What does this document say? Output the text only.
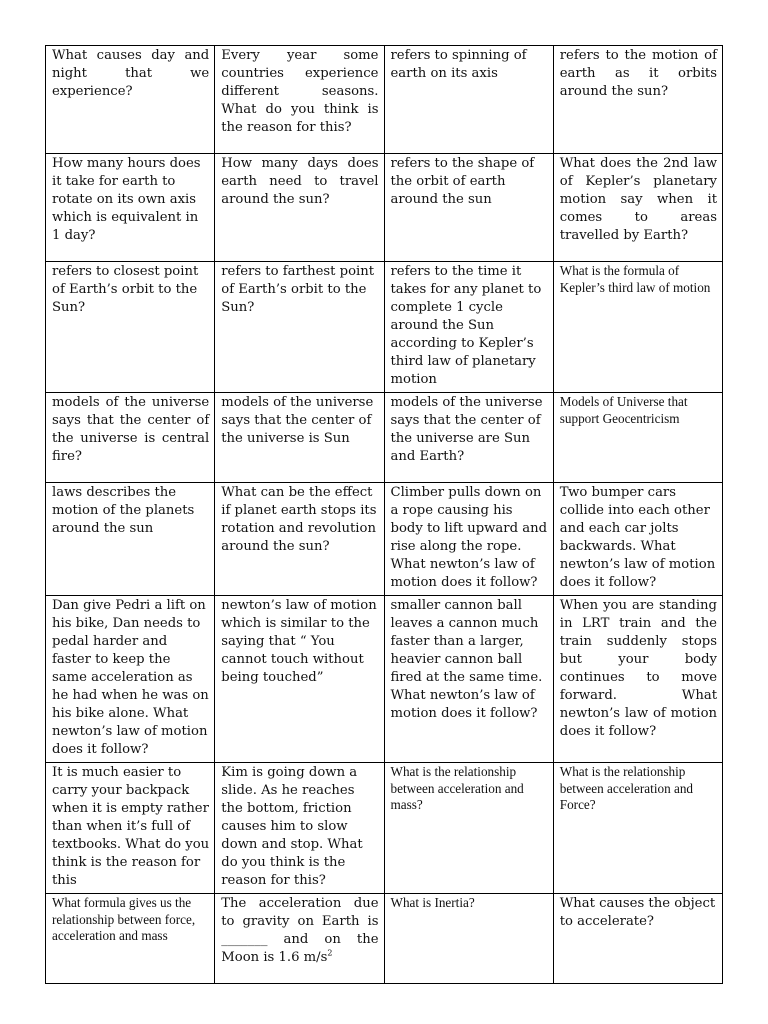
What causes day and night that we experience?	Every year some countries experience different seasons. What do you think is the reason for this?	refers to spinning of earth on its axis	refers to the motion of earth as it orbits around the sun?
How many hours does it take for earth to rotate on its own axis which is equivalent in 1 day?	How many days does earth need to travel around the sun?	refers to the shape of the orbit of earth around the sun	What does the 2nd law of Kepler’s planetary motion say when it comes to areas travelled by Earth?
refers to closest point of Earth’s orbit to the Sun?	refers to farthest point of Earth’s orbit to the Sun?	refers to the time it takes for any planet to complete 1 cycle around the Sun according to Kepler’s third law of planetary motion	What is the formula of Kepler’s third law of motion
models of the universe says that the center of the universe is central fire?	models of the universe says that the center of the universe is Sun	models of the universe says that the center of the universe are Sun and Earth?	Models of Universe that support Geocentricism
laws describes the motion of the planets around the sun	What can be the effect if planet earth stops its rotation and revolution around the sun?	Climber pulls down on a rope causing his body to lift upward and rise along the rope. What newton’s law of motion does it follow?	Two bumper cars collide into each other and each car jolts backwards. What newton’s law of motion does it follow?
Dan give Pedri a lift on his bike, Dan needs to pedal harder and faster to keep the same acceleration as he had when he was on his bike alone. What newton’s law of motion does it follow?	newton’s law of motion which is similar to the saying that “ You cannot touch without being touched”	smaller cannon ball leaves a cannon much faster than a larger, heavier cannon ball fired at the same time. What newton’s law of motion does it follow?	When you are standing in LRT train and the train suddenly stops but your body continues to move forward. What newton’s law of motion does it follow?
It is much easier to carry your backpack when it is empty rather than when it’s full of textbooks. What do you think is the reason for this	Kim is going down a slide. As he reaches the bottom, friction causes him to slow down and stop. What do you think is the reason for this?	What is the relationship between acceleration and mass?	What is the relationship between acceleration and Force?
What formula gives us the relationship between force, acceleration and mass	The acceleration due to gravity on Earth is _______ and on the Moon is 1.6 $m/s^2$	What is Inertia?	What causes the object to accelerate?
